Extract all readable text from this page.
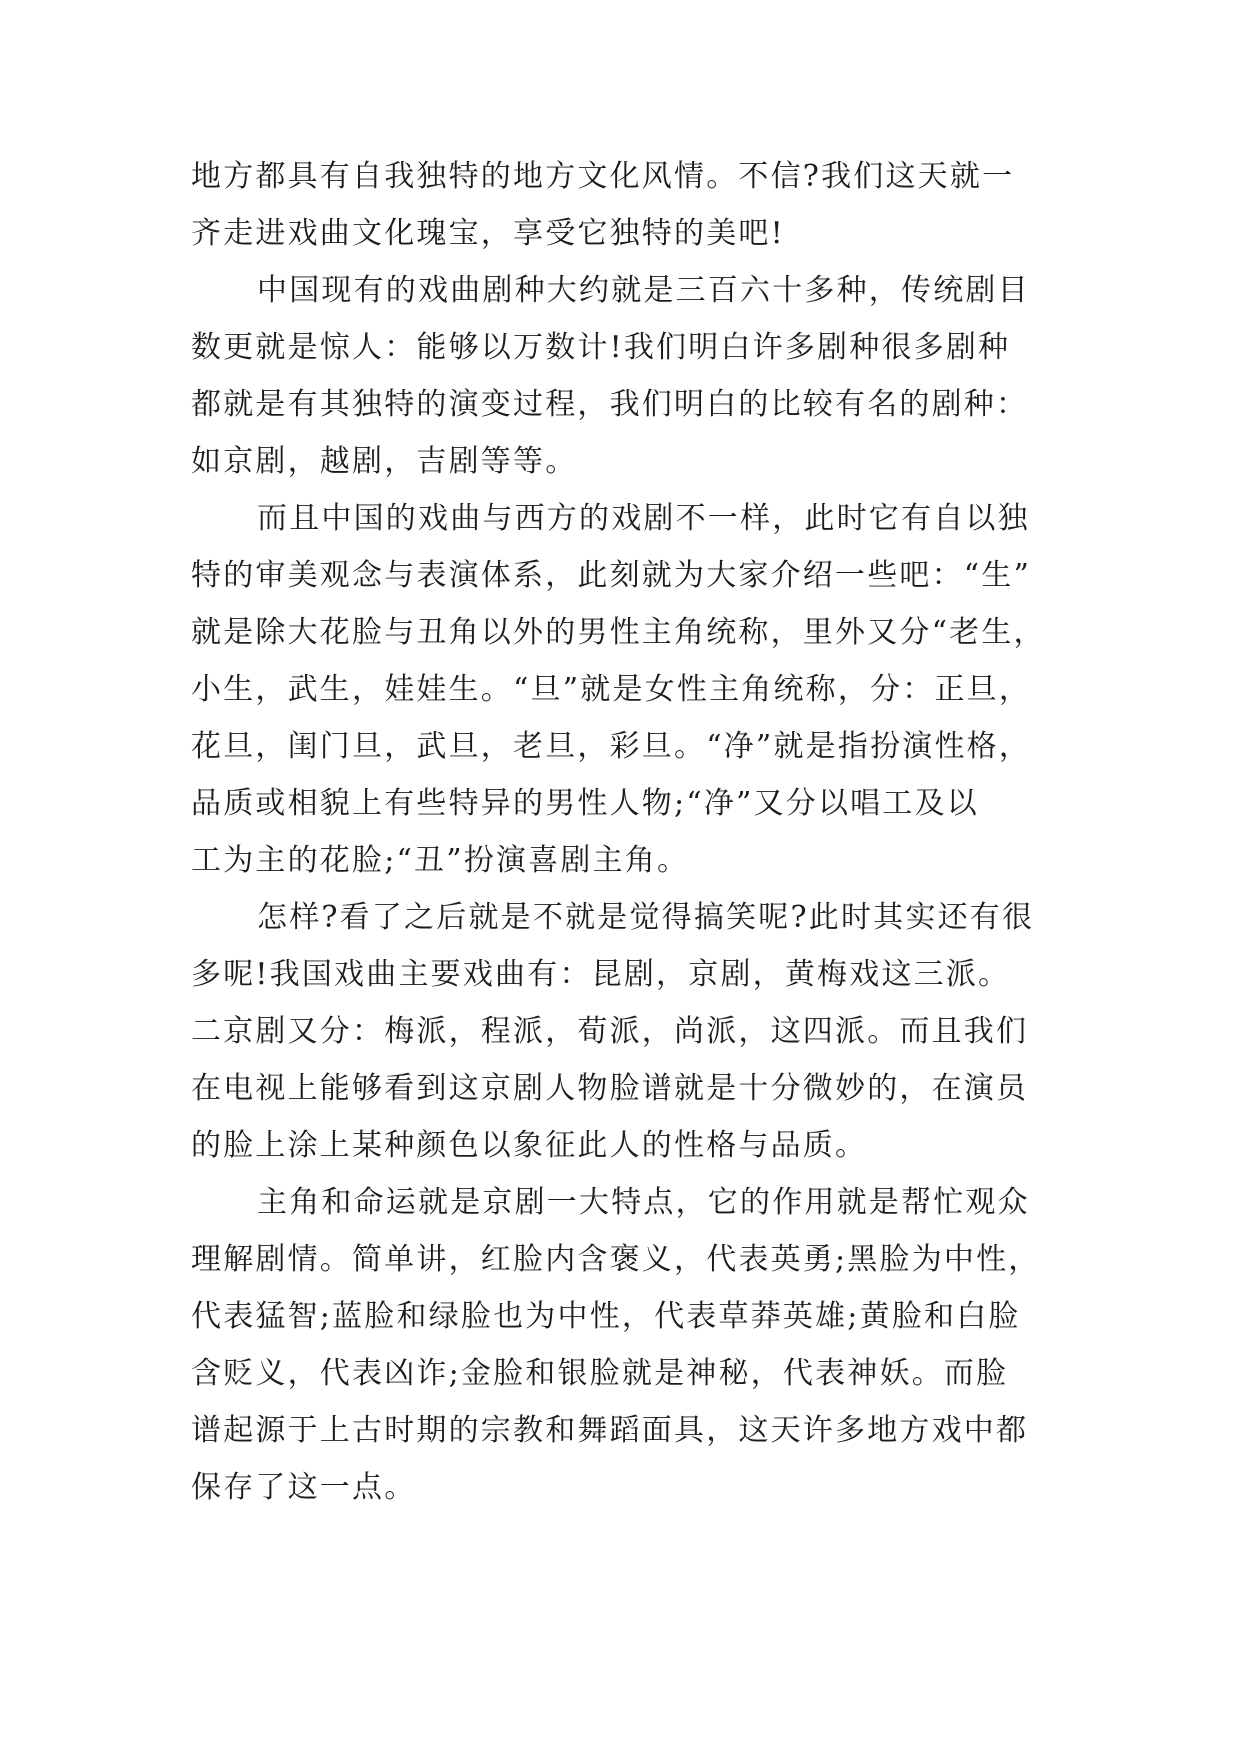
地方都具有自我独特的地方文化风情。不信?我们这天就一
齐走进戏曲文化瑰宝，享受它独特的美吧!
中国现有的戏曲剧种大约就是三百六十多种，传统剧目
数更就是惊人：能够以万数计!我们明白许多剧种很多剧种
都就是有其独特的演变过程，我们明白的比较有名的剧种：
如京剧，越剧，吉剧等等。
而且中国的戏曲与西方的戏剧不一样，此时它有自以独
特的审美观念与表演体系，此刻就为大家介绍一些吧：“生”
就是除大花脸与丑角以外的男性主角统称，里外又分“老生，
小生，武生，娃娃生。“旦”就是女性主角统称，分：正旦，
花旦，闺门旦，武旦，老旦，彩旦。“净”就是指扮演性格，
品质或相貌上有些特异的男性人物;“净”又分以唱工及以
工为主的花脸;“丑”扮演喜剧主角。
怎样?看了之后就是不就是觉得搞笑呢?此时其实还有很
多呢!我国戏曲主要戏曲有：昆剧，京剧，黄梅戏这三派。
二京剧又分：梅派，程派，荀派，尚派，这四派。而且我们
在电视上能够看到这京剧人物脸谱就是十分微妙的，在演员
的脸上涂上某种颜色以象征此人的性格与品质。
主角和命运就是京剧一大特点，它的作用就是帮忙观众
理解剧情。简单讲，红脸内含褒义，代表英勇;黑脸为中性，
代表猛智;蓝脸和绿脸也为中性，代表草莽英雄;黄脸和白脸
含贬义，代表凶诈;金脸和银脸就是神秘，代表神妖。而脸
谱起源于上古时期的宗教和舞蹈面具，这天许多地方戏中都
保存了这一点。
